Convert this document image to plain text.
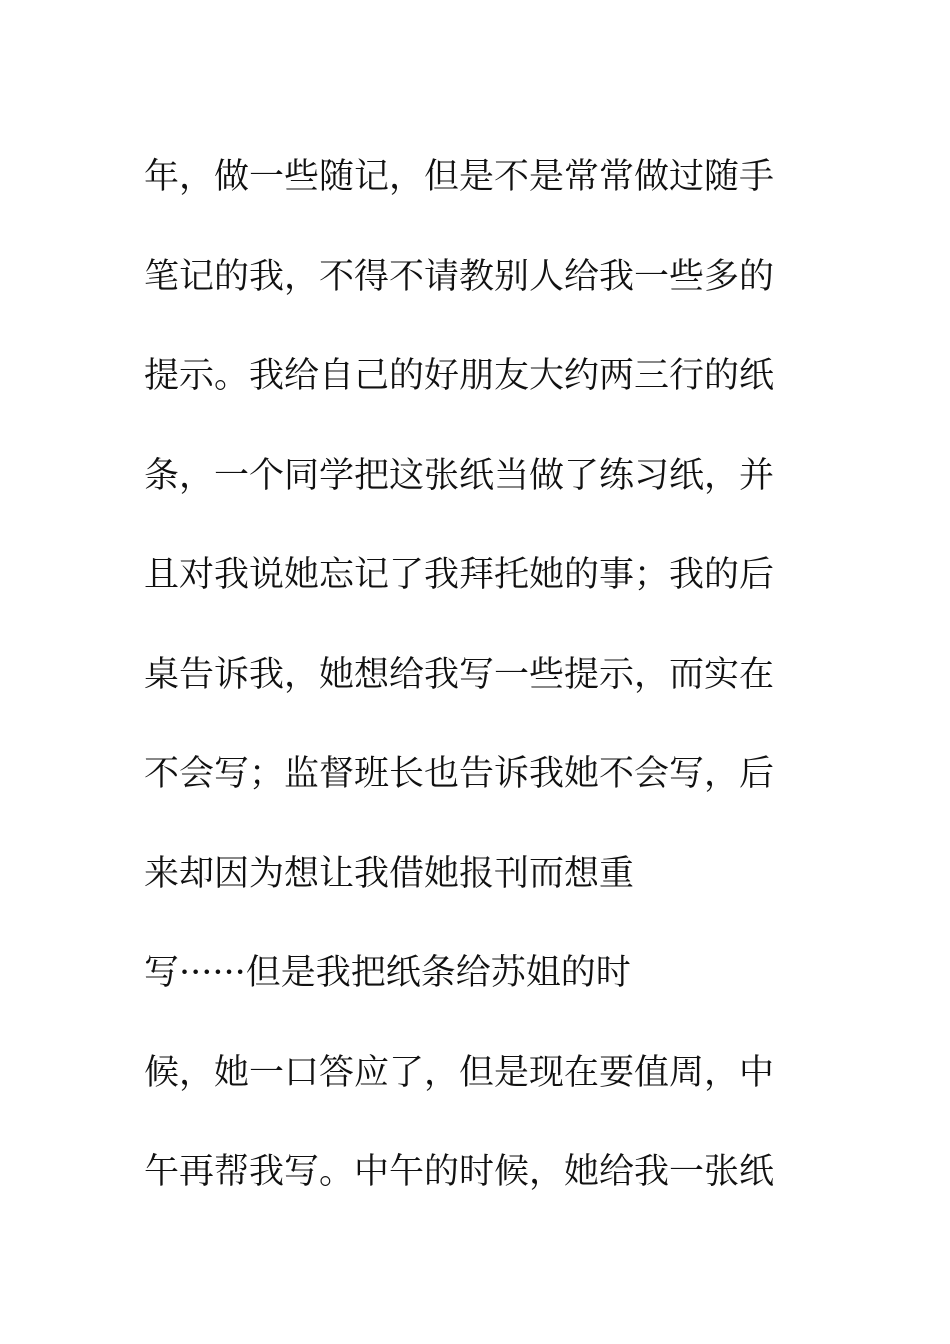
年，做一些随记，但是不是常常做过随手
笔记的我，不得不请教别人给我一些多的
提示。我给自己的好朋友大约两三行的纸
条，一个同学把这张纸当做了练习纸，并
且对我说她忘记了我拜托她的事；我的后
桌告诉我，她想给我写一些提示，而实在
不会写；监督班长也告诉我她不会写，后
来却因为想让我借她报刊而想重
写······但是我把纸条给苏姐的时
候，她一口答应了，但是现在要值周，中
午再帮我写。中午的时候，她给我一张纸
